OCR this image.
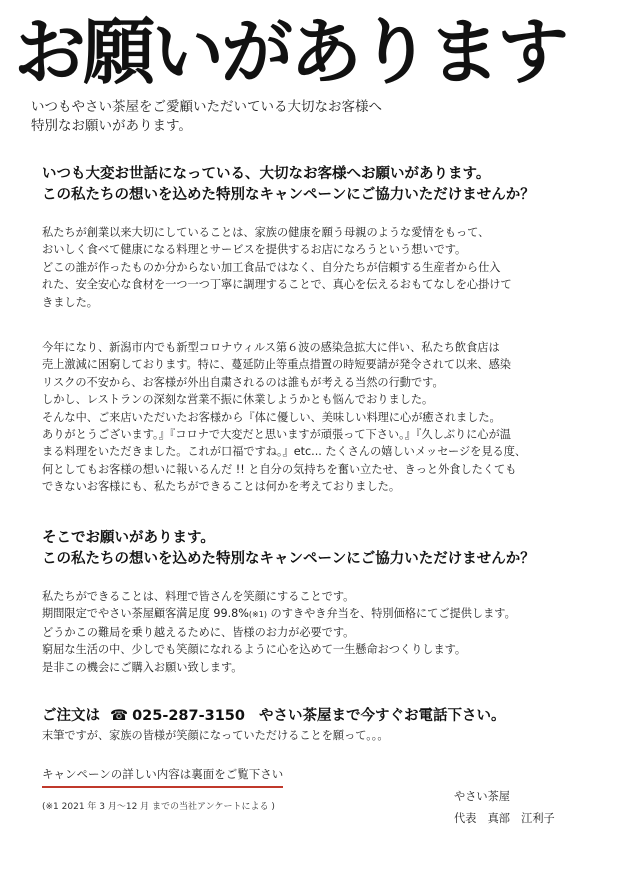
お願いがあります
いつもやさい茶屋をご愛顧いただいている大切なお客様へ
特別なお願いがあります。
いつも大変お世話になっている、大切なお客様へお願いがあります。
この私たちの想いを込めた特別なキャンペーンにご協力いただけませんか？
私たちが創業以来大切にしていることは、家族の健康を願う母親のような愛情をもって、
おいしく食べて健康になる料理とサービスを提供するお店になろうという想いです。
どこの誰が作ったものか分からない加工食品ではなく、自分たちが信頼する生産者から仕入
れた、安全安心な食材を一つ一つ丁寧に調理することで、真心を伝えるおもてなしを心掛けて
きました。
今年になり、新潟市内でも新型コロナウィルス第６波の感染急拡大に伴い、私たち飲食店は
売上激減に困窮しております。特に、蔓延防止等重点措置の時短要請が発令されて以来、感染
リスクの不安から、お客様が外出自粛されるのは誰もが考える当然の行動です。
しかし、レストランの深刻な営業不振に休業しようかとも悩んでおりました。
そんな中、ご来店いただいたお客様から『体に優しい、美味しい料理に心が癒されました。
ありがとうございます。』『コロナで大変だと思いますが頑張って下さい。』『久しぶりに心が温
まる料理をいただきました。これが口福ですね。』etc... たくさんの嬉しいメッセージを見る度、
何としてもお客様の想いに報いるんだ !! と自分の気持ちを奮い立たせ、きっと外食したくても
できないお客様にも、私たちができることは何かを考えておりました。
そこでお願いがあります。
この私たちの想いを込めた特別なキャンペーンにご協力いただけませんか？
私たちができることは、料理で皆さんを笑顔にすることです。
期間限定でやさい茶屋顧客満足度 99.8%(※1) のすきやき弁当を、特別価格にてご提供します。
どうかこの難局を乗り越えるために、皆様のお力が必要です。
窮屈な生活の中、少しでも笑顔になれるように心を込めて一生懸命おつくりします。
是非この機会にご購入お願い致します。
ご注文は ☎ 025-287-3150 やさい茶屋まで今すぐお電話下さい。
末筆ですが、家族の皆様が笑顔になっていただけることを願って。。。
キャンペーンの詳しい内容は裏面をご覧下さい
(※1 2021 年 3 月～12 月 までの当社アンケートによる )
やさい茶屋
代表　真部　江利子
